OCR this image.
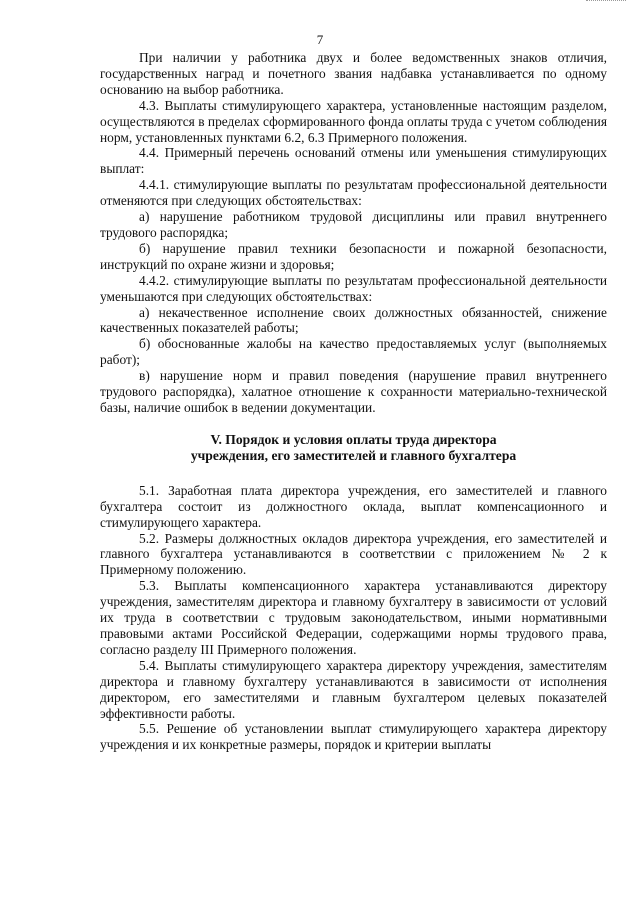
7

При наличии у работника двух и более ведомственных знаков отличия, государственных наград и почетного звания надбавка устанавливается по одному основанию на выбор работника.

4.3. Выплаты стимулирующего характера, установленные настоящим разделом, осуществляются в пределах сформированного фонда оплаты труда с учетом соблюдения норм, установленных пунктами 6.2, 6.3 Примерного положения.

4.4. Примерный перечень оснований отмены или уменьшения стимулирующих выплат:

4.4.1. стимулирующие выплаты по результатам профессиональной деятельности отменяются при следующих обстоятельствах:

а) нарушение работником трудовой дисциплины или правил внутреннего трудового распорядка;

б) нарушение правил техники безопасности и пожарной безопасности, инструкций по охране жизни и здоровья;

4.4.2. стимулирующие выплаты по результатам профессиональной деятельности уменьшаются при следующих обстоятельствах:

а) некачественное исполнение своих должностных обязанностей, снижение качественных показателей работы;

б) обоснованные жалобы на качество предоставляемых услуг (выполняемых работ);

в) нарушение норм и правил поведения (нарушение правил внутреннего трудового распорядка), халатное отношение к сохранности материально-технической базы, наличие ошибок в ведении документации.

V. Порядок и условия оплаты труда директора
учреждения, его заместителей и главного бухгалтера

5.1. Заработная плата директора учреждения, его заместителей и главного бухгалтера состоит из должностного оклада, выплат компенсационного и стимулирующего характера.

5.2. Размеры должностных окладов директора учреждения, его заместителей и главного бухгалтера устанавливаются в соответствии с приложением № 2 к Примерному положению.

5.3. Выплаты компенсационного характера устанавливаются директору учреждения, заместителям директора и главному бухгалтеру в зависимости от условий их труда в соответствии с трудовым законодательством, иными нормативными правовыми актами Российской Федерации, содержащими нормы трудового права, согласно разделу III Примерного положения.

5.4. Выплаты стимулирующего характера директору учреждения, заместителям директора и главному бухгалтеру устанавливаются в зависимости от исполнения директором, его заместителями и главным бухгалтером целевых показателей эффективности работы.

5.5. Решение об установлении выплат стимулирующего характера директору учреждения и их конкретные размеры, порядок и критерии выплаты
